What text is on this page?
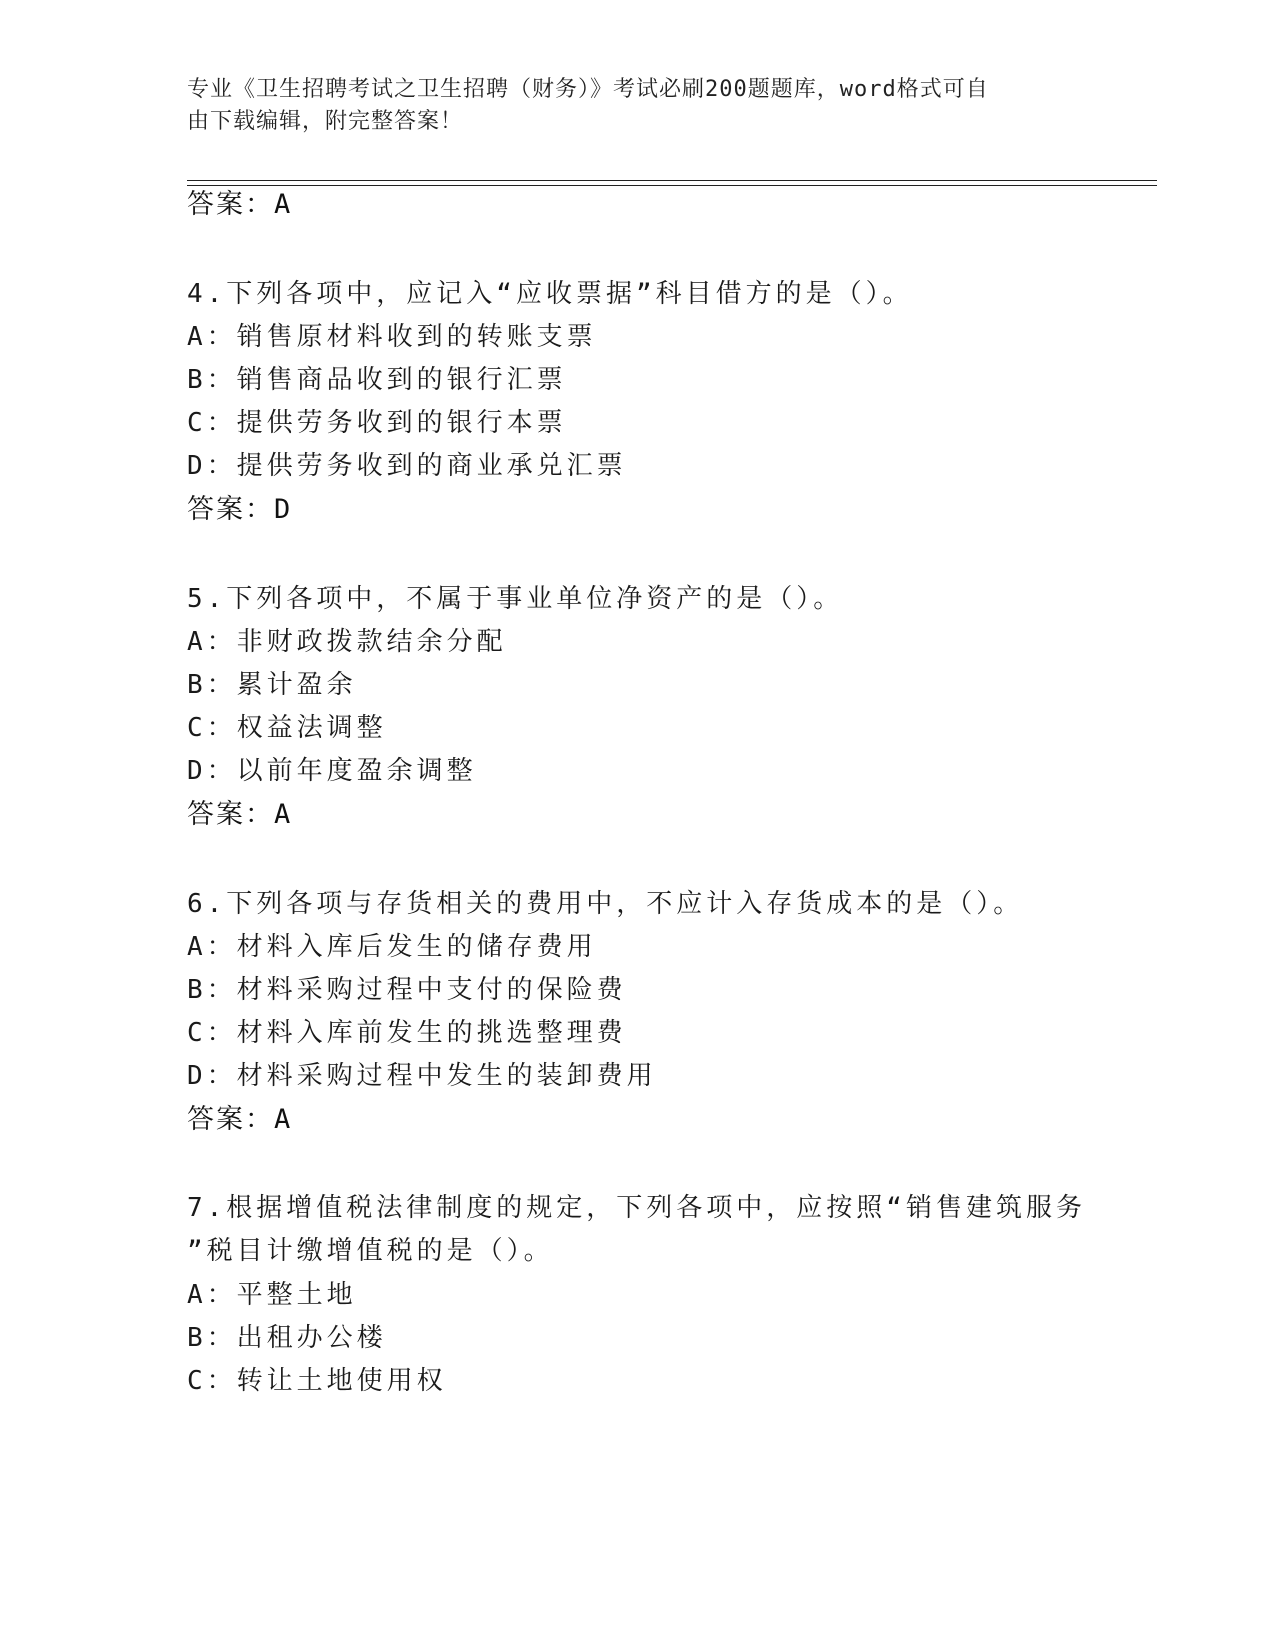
专业《卫生招聘考试之卫生招聘（财务）》考试必刷200题题库，word格式可自
由下载编辑，附完整答案！
答案：A
4.下列各项中，应记入“应收票据”科目借方的是（）。
A：销售原材料收到的转账支票
B：销售商品收到的银行汇票
C：提供劳务收到的银行本票
D：提供劳务收到的商业承兑汇票
答案：D
5.下列各项中，不属于事业单位净资产的是（）。
A：非财政拨款结余分配
B：累计盈余
C：权益法调整
D：以前年度盈余调整
答案：A
6.下列各项与存货相关的费用中，不应计入存货成本的是（）。
A：材料入库后发生的储存费用
B：材料采购过程中支付的保险费
C：材料入库前发生的挑选整理费
D：材料采购过程中发生的装卸费用
答案：A
7.根据增值税法律制度的规定，下列各项中，应按照“销售建筑服务
”税目计缴增值税的是（）。
A：平整土地
B：出租办公楼
C：转让土地使用权
